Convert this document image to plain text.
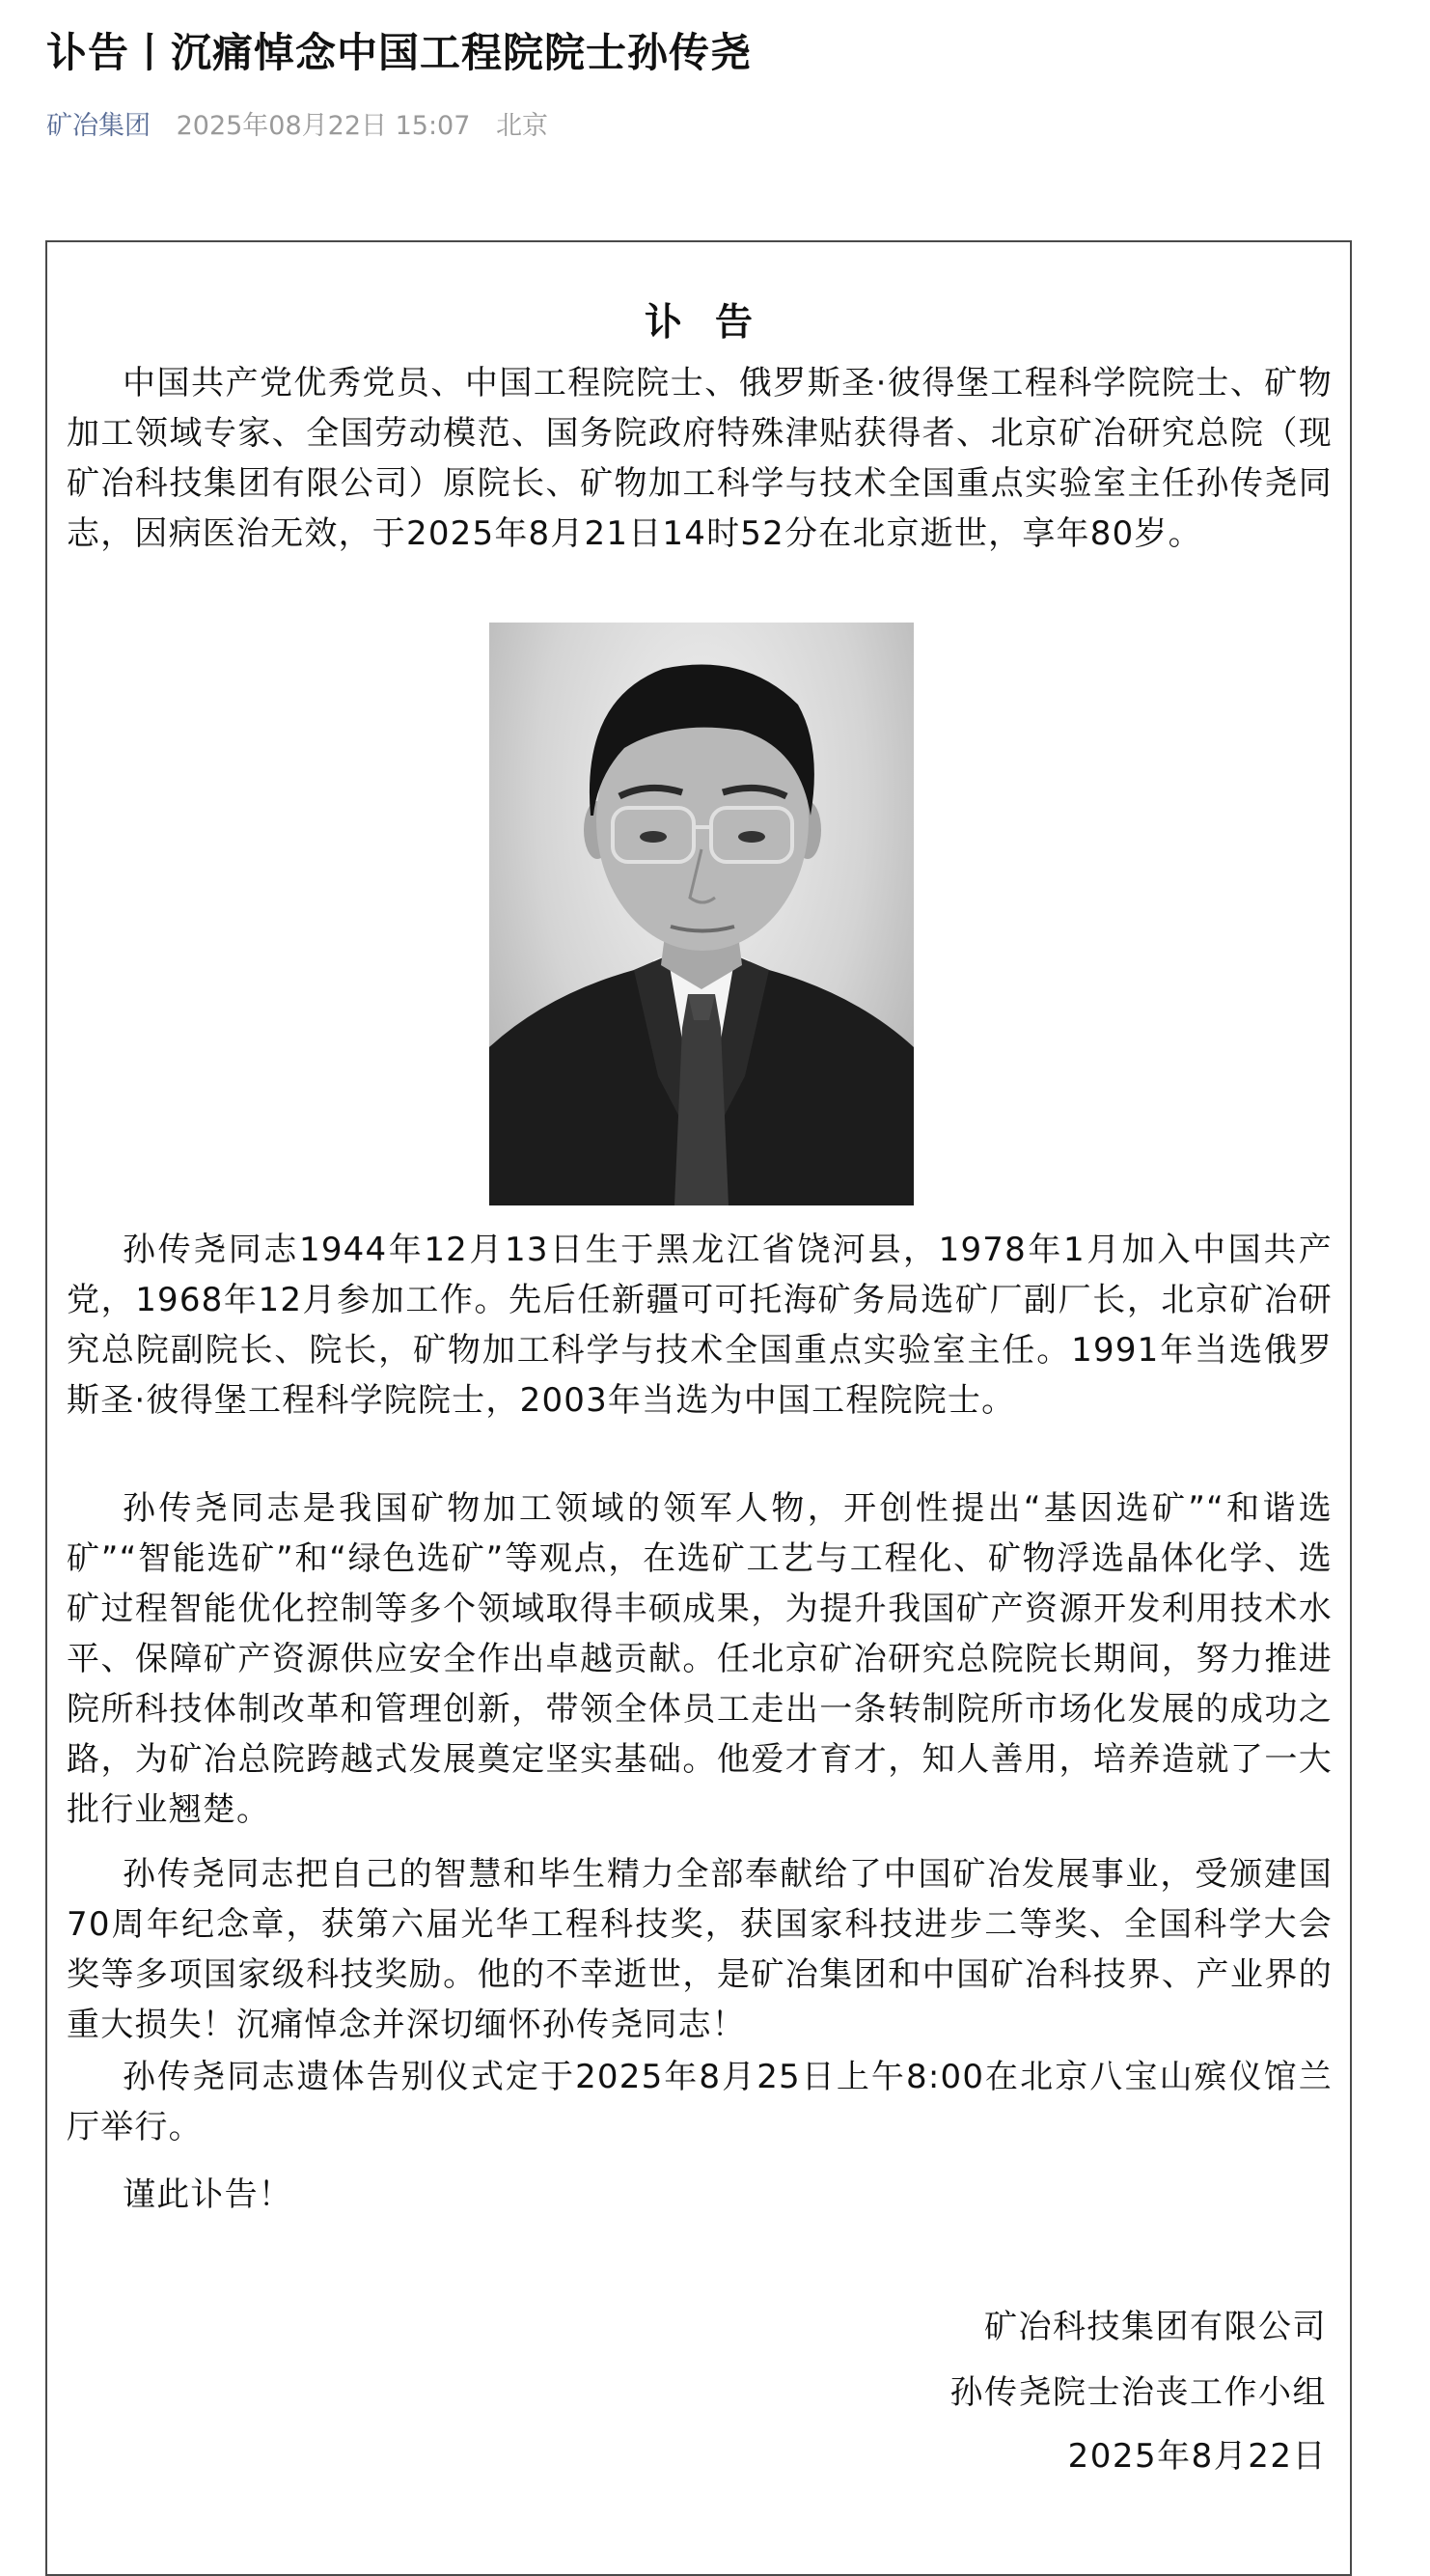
讣告丨沉痛悼念中国工程院院士孙传尧
矿冶集团 2025年08月22日 15:07 北京
讣告

中国共产党优秀党员、中国工程院院士、俄罗斯圣·彼得堡工程科学院院士、矿物加工领域专家、全国劳动模范、国务院政府特殊津贴获得者、北京矿冶研究总院（现矿冶科技集团有限公司）原院长、矿物加工科学与技术全国重点实验室主任孙传尧同志，因病医治无效，于2025年8月21日14时52分在北京逝世，享年80岁。

孙传尧同志1944年12月13日生于黑龙江省饶河县，1978年1月加入中国共产党，1968年12月参加工作。先后任新疆可可托海矿务局选矿厂副厂长，北京矿冶研究总院副院长、院长，矿物加工科学与技术全国重点实验室主任。1991年当选俄罗斯圣·彼得堡工程科学院院士，2003年当选为中国工程院院士。

孙传尧同志是我国矿物加工领域的领军人物，开创性提出“基因选矿”“和谐选矿”“智能选矿”和“绿色选矿”等观点，在选矿工艺与工程化、矿物浮选晶体化学、选矿过程智能优化控制等多个领域取得丰硕成果，为提升我国矿产资源开发利用技术水平、保障矿产资源供应安全作出卓越贡献。任北京矿冶研究总院院长期间，努力推进院所科技体制改革和管理创新，带领全体员工走出一条转制院所市场化发展的成功之路，为矿冶总院跨越式发展奠定坚实基础。他爱才育才，知人善用，培养造就了一大批行业翘楚。

孙传尧同志把自己的智慧和毕生精力全部奉献给了中国矿冶发展事业，受颁建国70周年纪念章，获第六届光华工程科技奖，获国家科技进步二等奖、全国科学大会奖等多项国家级科技奖励。他的不幸逝世，是矿冶集团和中国矿冶科技界、产业界的重大损失！沉痛悼念并深切缅怀孙传尧同志！

孙传尧同志遗体告别仪式定于2025年8月25日上午8:00在北京八宝山殡仪馆兰厅举行。

谨此讣告！

矿冶科技集团有限公司

孙传尧院士治丧工作小组

2025年8月22日
